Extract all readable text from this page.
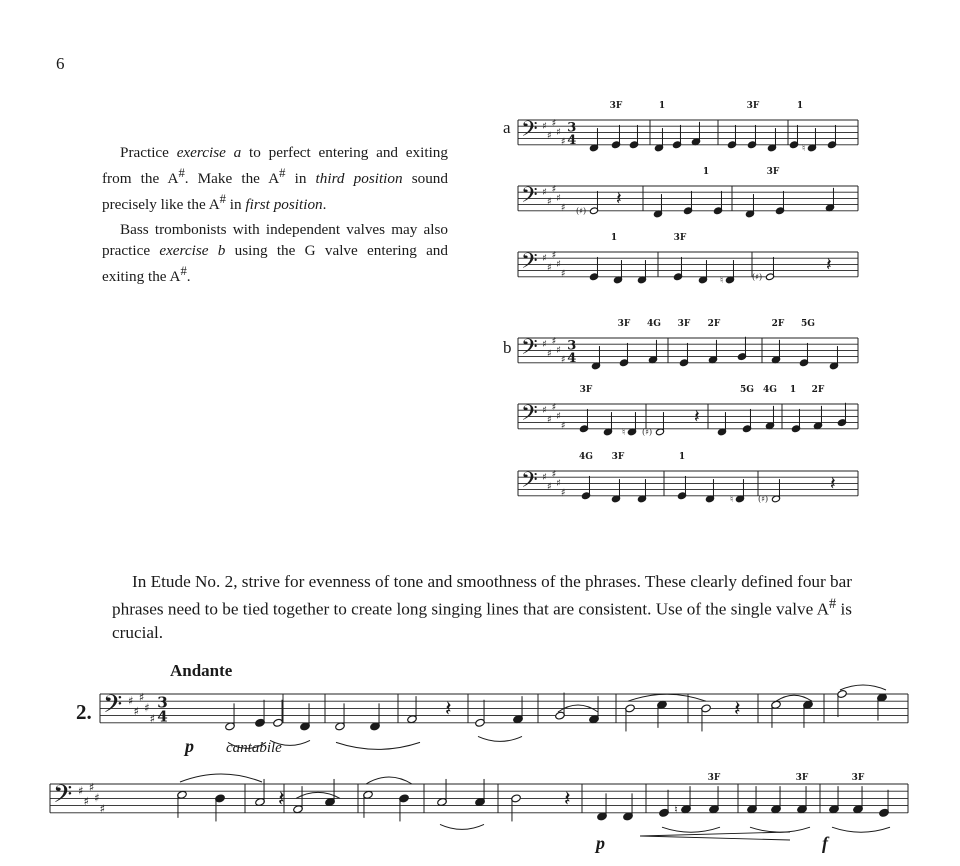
6

Practice exercise a to perfect entering and exiting from the A#. Make the A# in third position sound precisely like the A# in first position.

Bass trombonists with independent valves may also practice exercise b using the G valve entering and exiting the A#.

a
b
𝄢 ♯
♯
♯
♯
♯
3
4
♮
3F	1	3F	1
𝄢 ♯
♯
♯
♯
♯ (♯)
𝄽
1	3F
𝄢 ♯
♯
♯
♯
♯
♮	(♯)
𝄽
1	3F
𝄢 ♯
♯
♯
♯
♯
3
4
3F 4G 3F 2F	2F 5G
𝄢 ♯
♯
♯
♯
♯
♮ (♯)
𝄽
3F	5G 4G 1 2F
𝄢 ♯
♯
♯
♯
♯
♮	(♯)
𝄽
4G 3F	1

In Etude No. 2, strive for evenness of tone and smoothness of the phrases. These clearly defined four bar phrases need to be tied together to create long singing lines that are consistent. Use of the single valve A# is crucial.

Andante
2. 𝄢 ♯
♯
♯
♯
♯
3
4	𝄽	𝄽
𝄢 ♯
♯
♯
♯
♯	♮
𝄽	𝄽
3F	3F	3F
p cantabile
p	f
